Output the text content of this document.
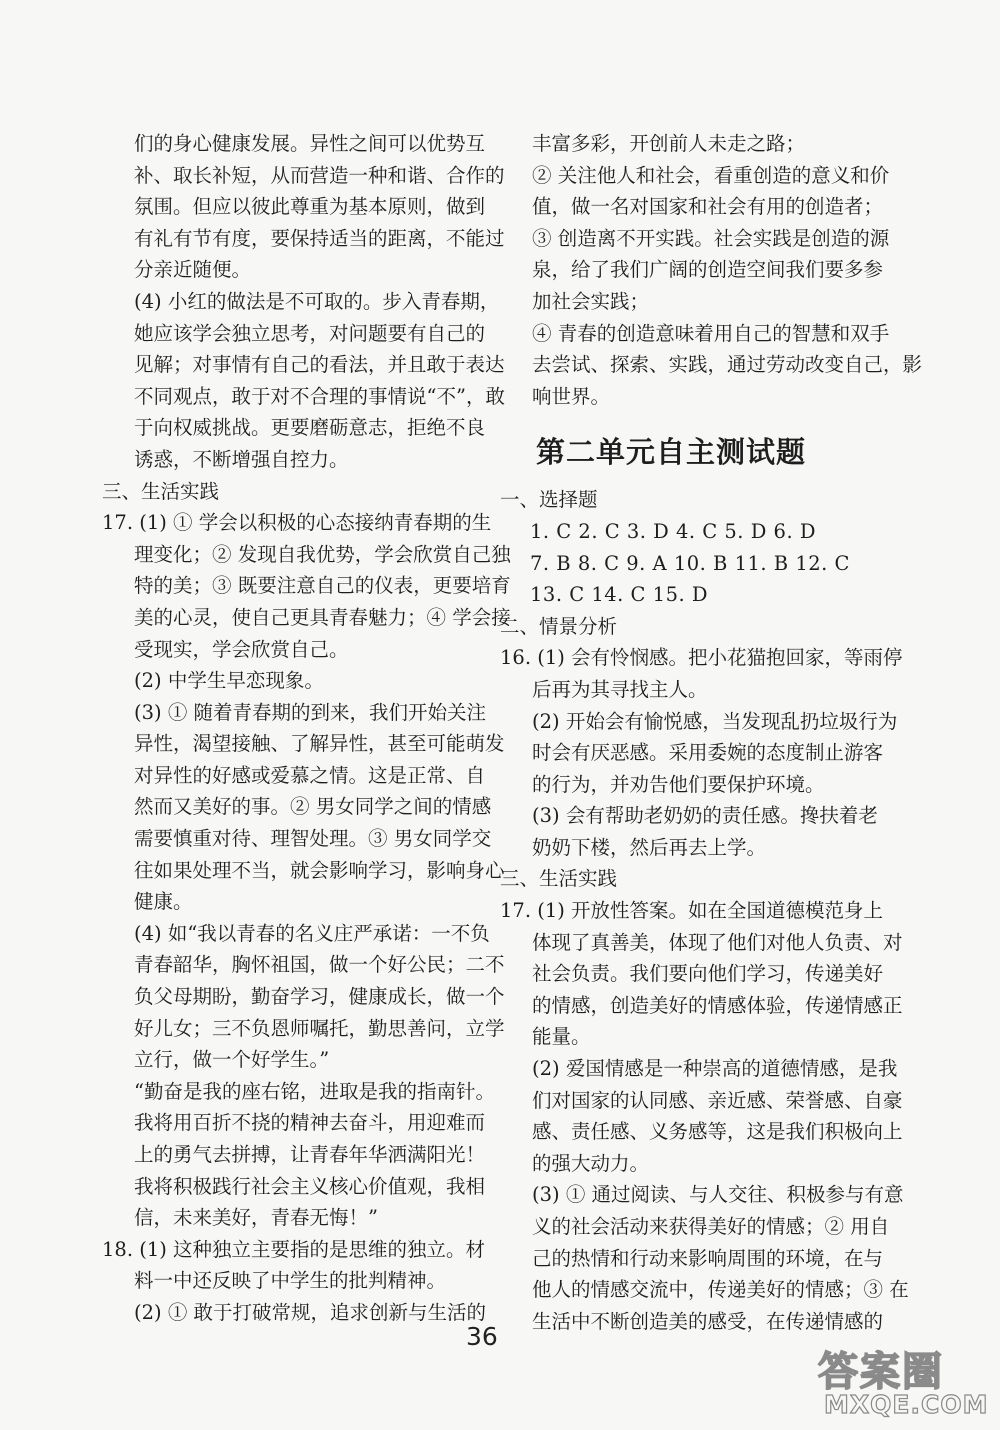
们的身心健康发展。异性之间可以优势互

补、取长补短，从而营造一种和谐、合作的

氛围。但应以彼此尊重为基本原则，做到

有礼有节有度，要保持适当的距离，不能过

分亲近随便。

(4) 小红的做法是不可取的。步入青春期，

她应该学会独立思考，对问题要有自己的

见解；对事情有自己的看法，并且敢于表达

不同观点，敢于对不合理的事情说“不”，敢

于向权威挑战。更要磨砺意志，拒绝不良

诱惑，不断增强自控力。

三、生活实践

17. (1) ① 学会以积极的心态接纳青春期的生

理变化；② 发现自我优势，学会欣赏自己独

特的美；③ 既要注意自己的仪表，更要培育

美的心灵，使自己更具青春魅力；④ 学会接

受现实，学会欣赏自己。

(2) 中学生早恋现象。

(3) ① 随着青春期的到来，我们开始关注

异性，渴望接触、了解异性，甚至可能萌发

对异性的好感或爱慕之情。这是正常、自

然而又美好的事。② 男女同学之间的情感

需要慎重对待、理智处理。③ 男女同学交

往如果处理不当，就会影响学习，影响身心

健康。

(4) 如“我以青春的名义庄严承诺：一不负

青春韶华，胸怀祖国，做一个好公民；二不

负父母期盼，勤奋学习，健康成长，做一个

好儿女；三不负恩师嘱托，勤思善问，立学

立行，做一个好学生。”

“勤奋是我的座右铭，进取是我的指南针。

我将用百折不挠的精神去奋斗，用迎难而

上的勇气去拼搏，让青春年华洒满阳光！

我将积极践行社会主义核心价值观，我相

信，未来美好，青春无悔！”

18. (1) 这种独立主要指的是思维的独立。材

料一中还反映了中学生的批判精神。

(2) ① 敢于打破常规，追求创新与生活的

丰富多彩，开创前人未走之路；

② 关注他人和社会，看重创造的意义和价

值，做一名对国家和社会有用的创造者；

③ 创造离不开实践。社会实践是创造的源

泉，给了我们广阔的创造空间我们要多参

加社会实践；

④ 青春的创造意味着用自己的智慧和双手

去尝试、探索、实践，通过劳动改变自己，影

响世界。

第二单元自主测试题

一、选择题

1. C 2. C 3. D 4. C 5. D 6. D

7. B 8. C 9. A 10. B 11. B 12. C

13. C 14. C 15. D

二、情景分析

16. (1) 会有怜悯感。把小花猫抱回家，等雨停

后再为其寻找主人。

(2) 开始会有愉悦感，当发现乱扔垃圾行为

时会有厌恶感。采用委婉的态度制止游客

的行为，并劝告他们要保护环境。

(3) 会有帮助老奶奶的责任感。搀扶着老

奶奶下楼，然后再去上学。

三、生活实践

17. (1) 开放性答案。如在全国道德模范身上

体现了真善美，体现了他们对他人负责、对

社会负责。我们要向他们学习，传递美好

的情感，创造美好的情感体验，传递情感正

能量。

(2) 爱国情感是一种崇高的道德情感，是我

们对国家的认同感、亲近感、荣誉感、自豪

感、责任感、义务感等，这是我们积极向上

的强大动力。

(3) ① 通过阅读、与人交往、积极参与有意

义的社会活动来获得美好的情感；② 用自

己的热情和行动来影响周围的环境，在与

他人的情感交流中，传递美好的情感；③ 在

生活中不断创造美的感受，在传递情感的

36
答案圈
MXQE.COM
